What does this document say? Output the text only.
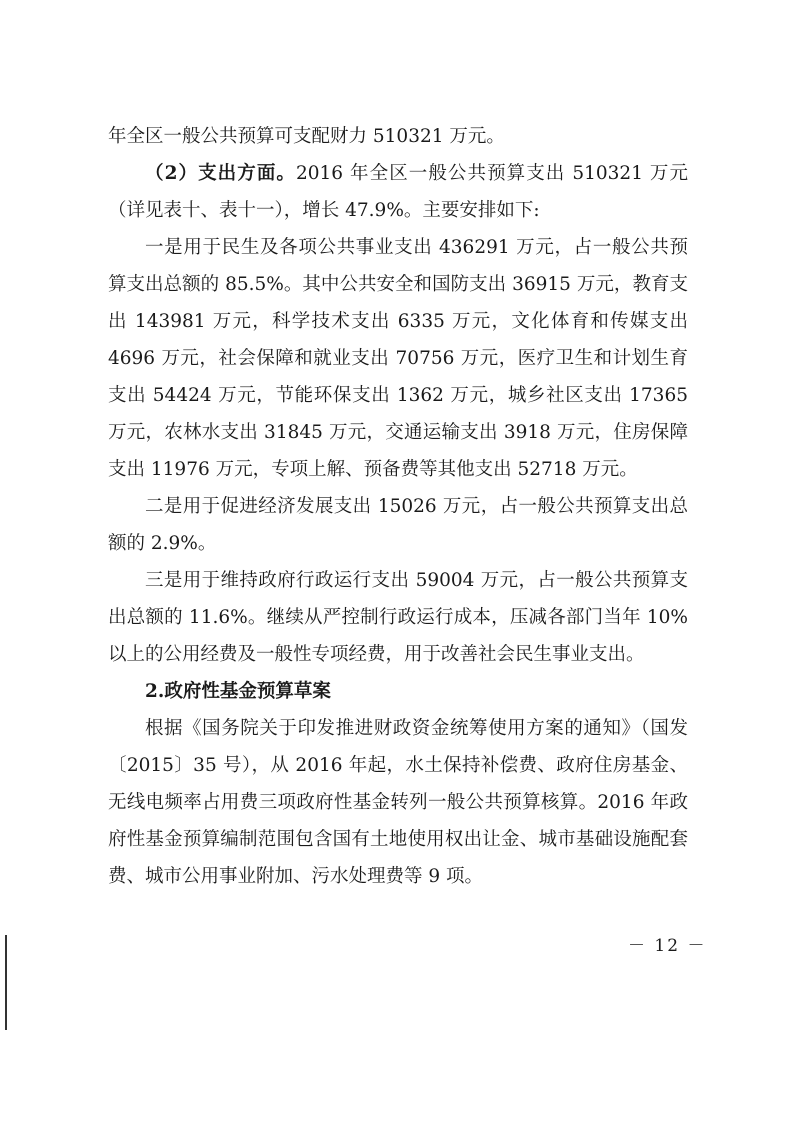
年全区一般公共预算可支配财力 510321 万元。

（2）支出方面。2016 年全区一般公共预算支出 510321 万元（详见表十、表十一），增长 47.9%。主要安排如下:

一是用于民生及各项公共事业支出 436291 万元，占一般公共预算支出总额的 85.5%。其中公共安全和国防支出 36915 万元，教育支出 143981 万元，科学技术支出 6335 万元，文化体育和传媒支出 4696 万元，社会保障和就业支出 70756 万元，医疗卫生和计划生育支出 54424 万元，节能环保支出 1362 万元，城乡社区支出 17365 万元，农林水支出 31845 万元，交通运输支出 3918 万元，住房保障支出 11976 万元，专项上解、预备费等其他支出 52718 万元。

二是用于促进经济发展支出 15026 万元，占一般公共预算支出总额的 2.9%。

三是用于维持政府行政运行支出 59004 万元，占一般公共预算支出总额的 11.6%。继续从严控制行政运行成本，压减各部门当年 10%以上的公用经费及一般性专项经费，用于改善社会民生事业支出。

2.政府性基金预算草案

根据《国务院关于印发推进财政资金统筹使用方案的通知》（国发〔2015〕35 号），从 2016 年起，水土保持补偿费、政府住房基金、无线电频率占用费三项政府性基金转列一般公共预算核算。2016 年政府性基金预算编制范围包含国有土地使用权出让金、城市基础设施配套费、城市公用事业附加、污水处理费等 9 项。

－ 12 －
